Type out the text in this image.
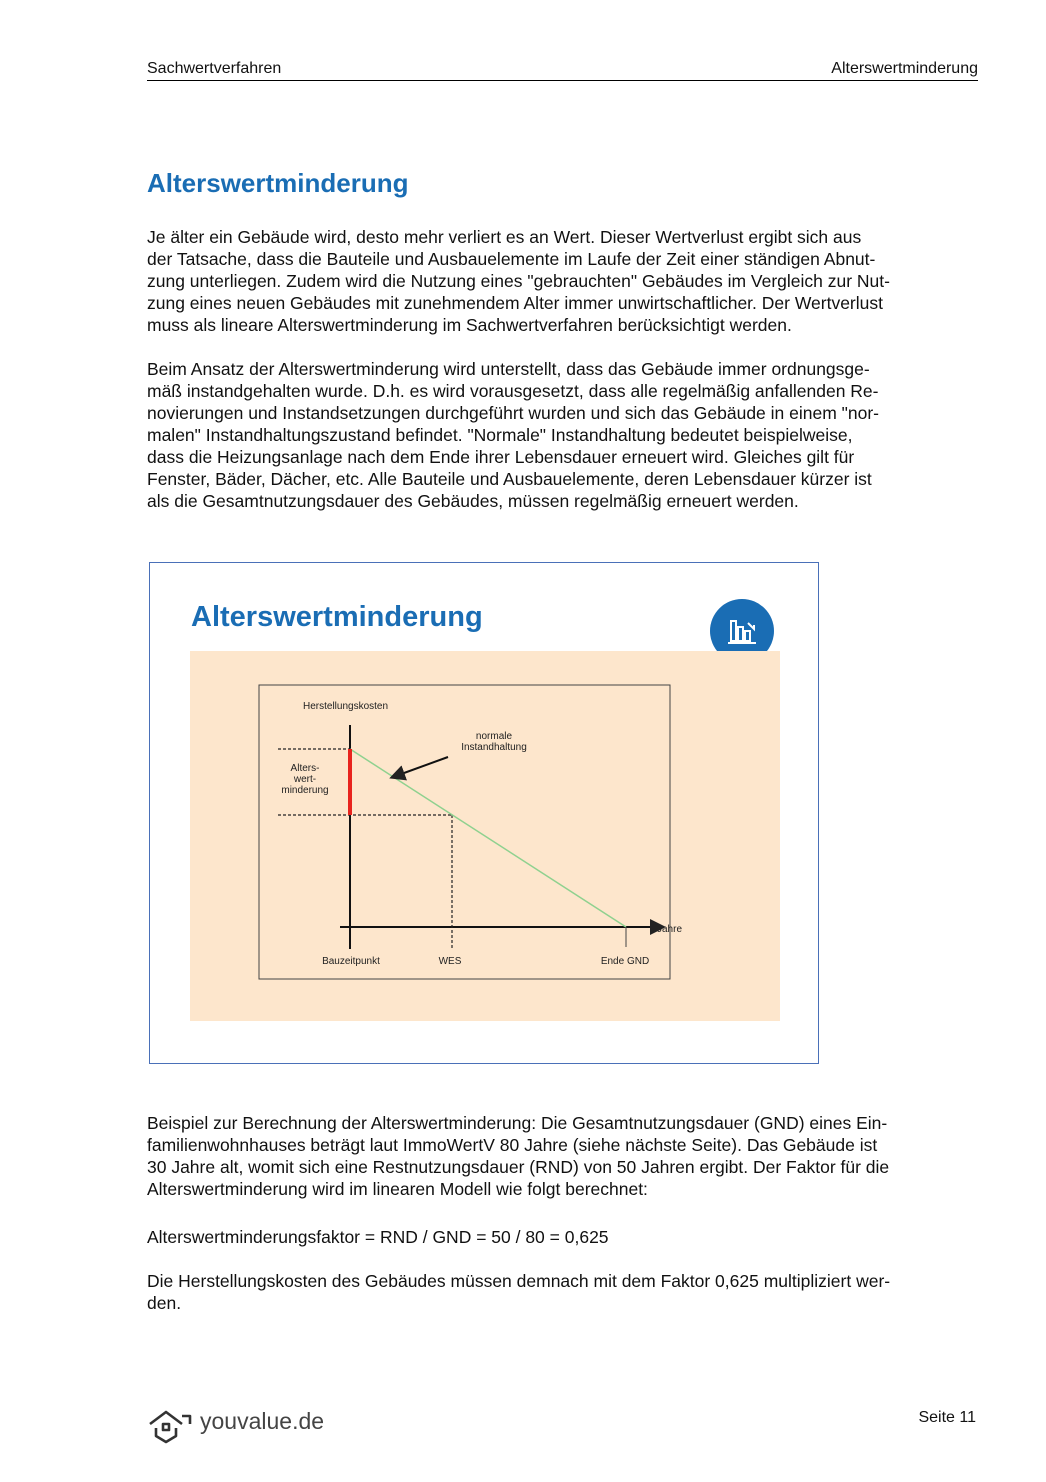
Sachwertverfahren	Alterswertminderung
Alterswertminderung

Je älter ein Gebäude wird, desto mehr verliert es an Wert. Dieser Wertverlust ergibt sich aus
der Tatsache, dass die Bauteile und Ausbauelemente im Laufe der Zeit einer ständigen Abnut-
zung unterliegen. Zudem wird die Nutzung eines "gebrauchten" Gebäudes im Vergleich zur Nut-
zung eines neuen Gebäudes mit zunehmendem Alter immer unwirtschaftlicher. Der Wertverlust
muss als lineare Alterswertminderung im Sachwertverfahren berücksichtigt werden.

Beim Ansatz der Alterswertminderung wird unterstellt, dass das Gebäude immer ordnungsge-
mäß instandgehalten wurde. D.h. es wird vorausgesetzt, dass alle regelmäßig anfallenden Re-
novierungen und Instandsetzungen durchgeführt wurden und sich das Gebäude in einem "nor-
malen" Instandhaltungszustand befindet. "Normale" Instandhaltung bedeutet beispielweise,
dass die Heizungsanlage nach dem Ende ihrer Lebensdauer erneuert wird. Gleiches gilt für
Fenster, Bäder, Dächer, etc. Alle Bauteile und Ausbauelemente, deren Lebensdauer kürzer ist
als die Gesamtnutzungsdauer des Gebäudes, müssen regelmäßig erneuert werden.

Alterswertminderung
Herstellungskosten
normale
Instandhaltung
Alters-
wert-
minderung
Jahre
Bauzeitpunkt	WES	Ende GND

Beispiel zur Berechnung der Alterswertminderung: Die Gesamtnutzungsdauer (GND) eines Ein-
familienwohnhauses beträgt laut ImmoWertV 80 Jahre (siehe nächste Seite). Das Gebäude ist
30 Jahre alt, womit sich eine Restnutzungsdauer (RND) von 50 Jahren ergibt. Der Faktor für die
Alterswertminderung wird im linearen Modell wie folgt berechnet:

Alterswertminderungsfaktor = RND / GND = 50 / 80 = 0,625

Die Herstellungskosten des Gebäudes müssen demnach mit dem Faktor 0,625 multipliziert wer-
den.

youvalue.de	Seite 11
